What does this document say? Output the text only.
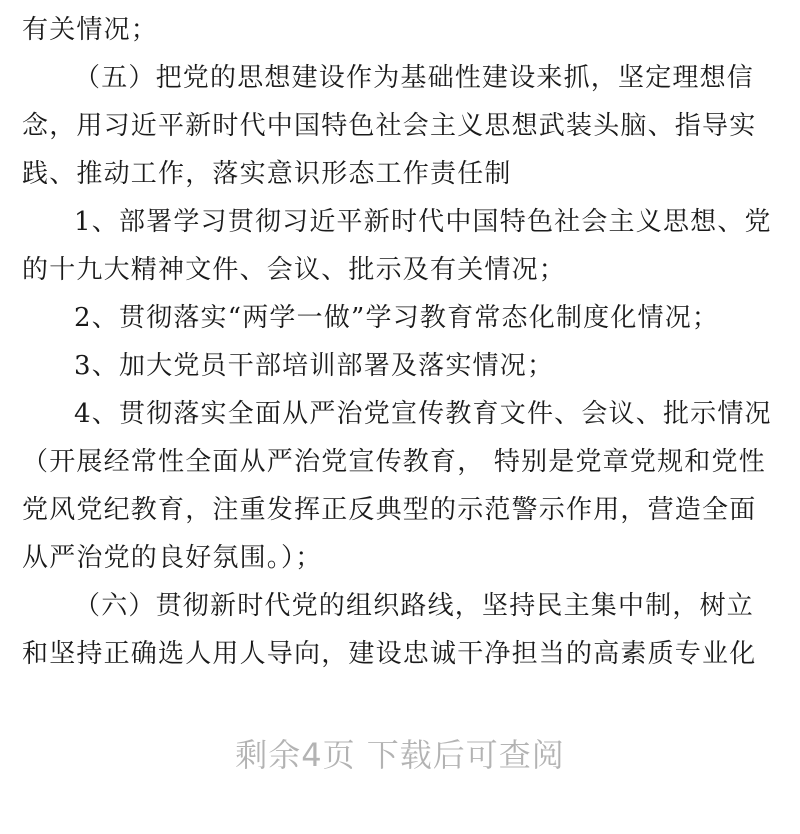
有关情况；
（五）把党的思想建设作为基础性建设来抓，坚定理想信
念，用习近平新时代中国特色社会主义思想武装头脑、指导实
践、推动工作，落实意识形态工作责任制
1、部署学习贯彻习近平新时代中国特色社会主义思想、党
的十九大精神文件、会议、批示及有关情况；
2、贯彻落实“两学一做”学习教育常态化制度化情况；
3、加大党员干部培训部署及落实情况；
4、贯彻落实全面从严治党宣传教育文件、会议、批示情况
（开展经常性全面从严治党宣传教育， 特别是党章党规和党性
党风党纪教育，注重发挥正反典型的示范警示作用，营造全面
从严治党的良好氛围。）；
（六）贯彻新时代党的组织路线，坚持民主集中制，树立
和坚持正确选人用人导向，建设忠诚干净担当的高素质专业化
剩余4页 下载后可查阅
